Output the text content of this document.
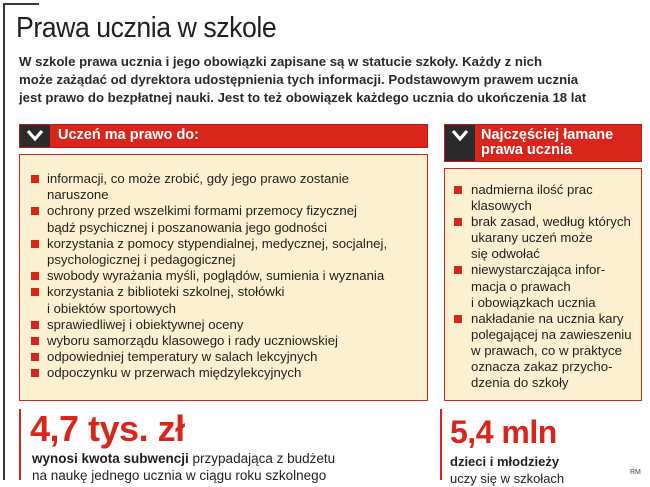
Prawa ucznia w szkole
W szkole prawa ucznia i jego obowiązki zapisane są w statucie szkoły. Każdy z nich
może zażądać od dyrektora udostępnienia tych informacji. Podstawowym prawem ucznia
jest prawo do bezpłatnej nauki. Jest to też obowiązek każdego ucznia do ukończenia 18 lat
Uczeń ma prawo do:
informacji, co może zrobić, gdy jego prawo zostanie
naruszone
ochrony przed wszelkimi formami przemocy fizycznej
bądź psychicznej i poszanowania jego godności
korzystania z pomocy stypendialnej, medycznej, socjalnej,
psychologicznej i pedagogicznej
swobody wyrażania myśli, poglądów, sumienia i wyznania
korzystania z biblioteki szkolnej, stołówki
i obiektów sportowych
sprawiedliwej i obiektywnej oceny
wyboru samorządu klasowego i rady uczniowskiej
odpowiedniej temperatury w salach lekcyjnych
odpoczynku w przerwach międzylekcyjnych
Najczęściej łamane
prawa ucznia
nadmierna ilość prac
klasowych
brak zasad, według których
ukarany uczeń może
się odwołać
niewystarczająca infor-
macja o prawach
i obowiązkach ucznia
nakładanie na ucznia kary
polegającej na zawieszeniu
w prawach, co w praktyce
oznacza zakaz przycho-
dzenia do szkoły
4,7 tys. zł
wynosi kwota subwencji przypadająca z budżetu
na naukę jednego ucznia w ciągu roku szkolnego
5,4 mln
dzieci i młodzieży
uczy się w szkołach	RM
